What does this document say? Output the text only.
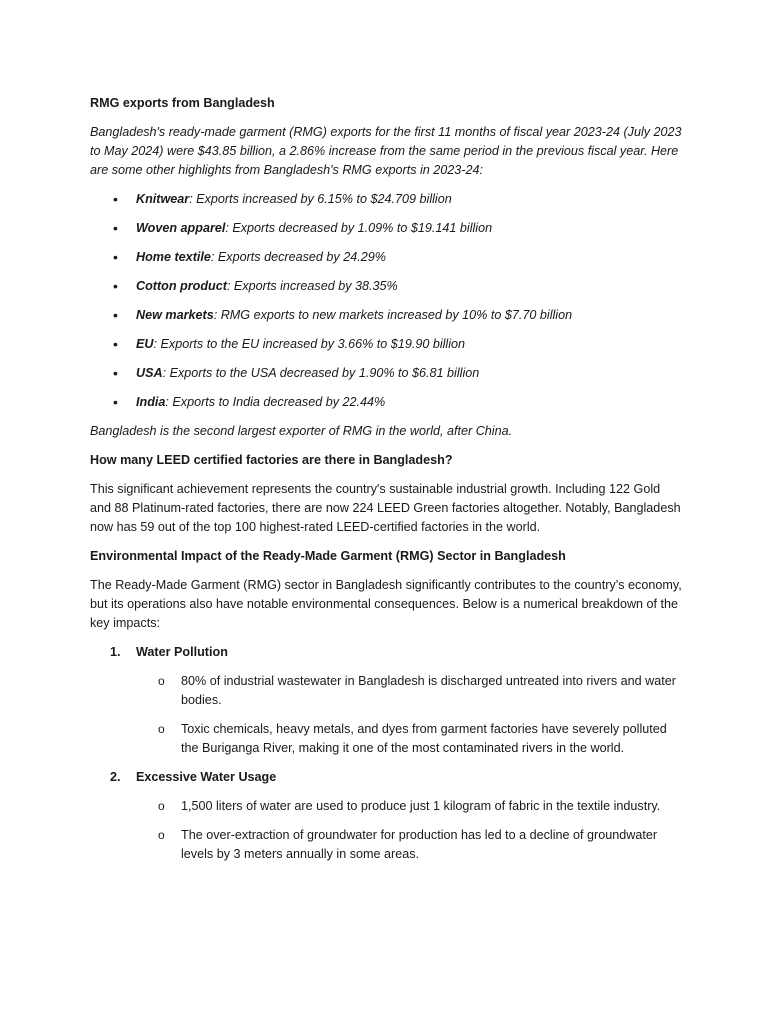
RMG exports from Bangladesh

Bangladesh's ready-made garment (RMG) exports for the first 11 months of fiscal year 2023-24 (July 2023 to May 2024) were $43.85 billion, a 2.86% increase from the same period in the previous fiscal year. Here are some other highlights from Bangladesh's RMG exports in 2023-24:

• Knitwear: Exports increased by 6.15% to $24.709 billion
• Woven apparel: Exports decreased by 1.09% to $19.141 billion
• Home textile: Exports decreased by 24.29%
• Cotton product: Exports increased by 38.35%
• New markets: RMG exports to new markets increased by 10% to $7.70 billion
• EU: Exports to the EU increased by 3.66% to $19.90 billion
• USA: Exports to the USA decreased by 1.90% to $6.81 billion
• India: Exports to India decreased by 22.44%

Bangladesh is the second largest exporter of RMG in the world, after China.

How many LEED certified factories are there in Bangladesh?

This significant achievement represents the country's sustainable industrial growth. Including 122 Gold and 88 Platinum-rated factories, there are now 224 LEED Green factories altogether. Notably, Bangladesh now has 59 out of the top 100 highest-rated LEED-certified factories in the world.

Environmental Impact of the Ready-Made Garment (RMG) Sector in Bangladesh

The Ready-Made Garment (RMG) sector in Bangladesh significantly contributes to the country’s economy, but its operations also have notable environmental consequences. Below is a numerical breakdown of the key impacts:

1. Water Pollution
o 80% of industrial wastewater in Bangladesh is discharged untreated into rivers and water bodies.
o Toxic chemicals, heavy metals, and dyes from garment factories have severely polluted the Buriganga River, making it one of the most contaminated rivers in the world.
2. Excessive Water Usage
o 1,500 liters of water are used to produce just 1 kilogram of fabric in the textile industry.
o The over-extraction of groundwater for production has led to a decline of groundwater levels by 3 meters annually in some areas.
